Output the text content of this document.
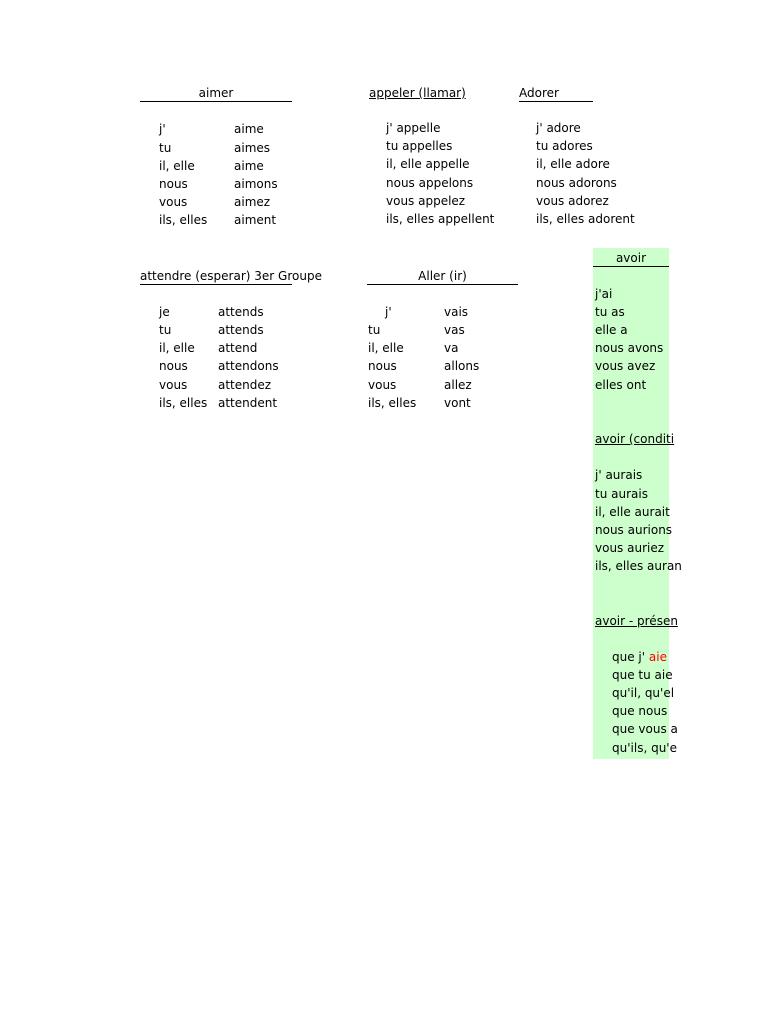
aimer
j'	aime
tu	aimes
il, elle	aime
nous	aimons
vous	aimez
ils, elles aiment
appeler (llamar)
j' appelle
tu appelles
il, elle appelle
nous appelons
vous appelez
ils, elles appellent
Adorer
j' adore
tu adores
il, elle adore
nous adorons
vous adorez
ils, elles adorent
attendre (esperar) 3er Groupe
je	attends
tu	attends
il, elle attend
nous	attendons
vous	attendez
ils, elles attendent
Aller (ir)
j'	vais
tu	vas
il, elle	va
nous	allons
vous	allez
ils, elles vont
avoir
j'ai
tu as
elle a
nous avons
vous avez
elles ont
avoir (conditi
j' aurais
tu aurais
il, elle aurait
nous aurions
vous auriez
ils, elles auran
avoir - présen
que j' aie
que tu aie
qu'il, qu'el
que nous
que vous a
qu'ils, qu'e
